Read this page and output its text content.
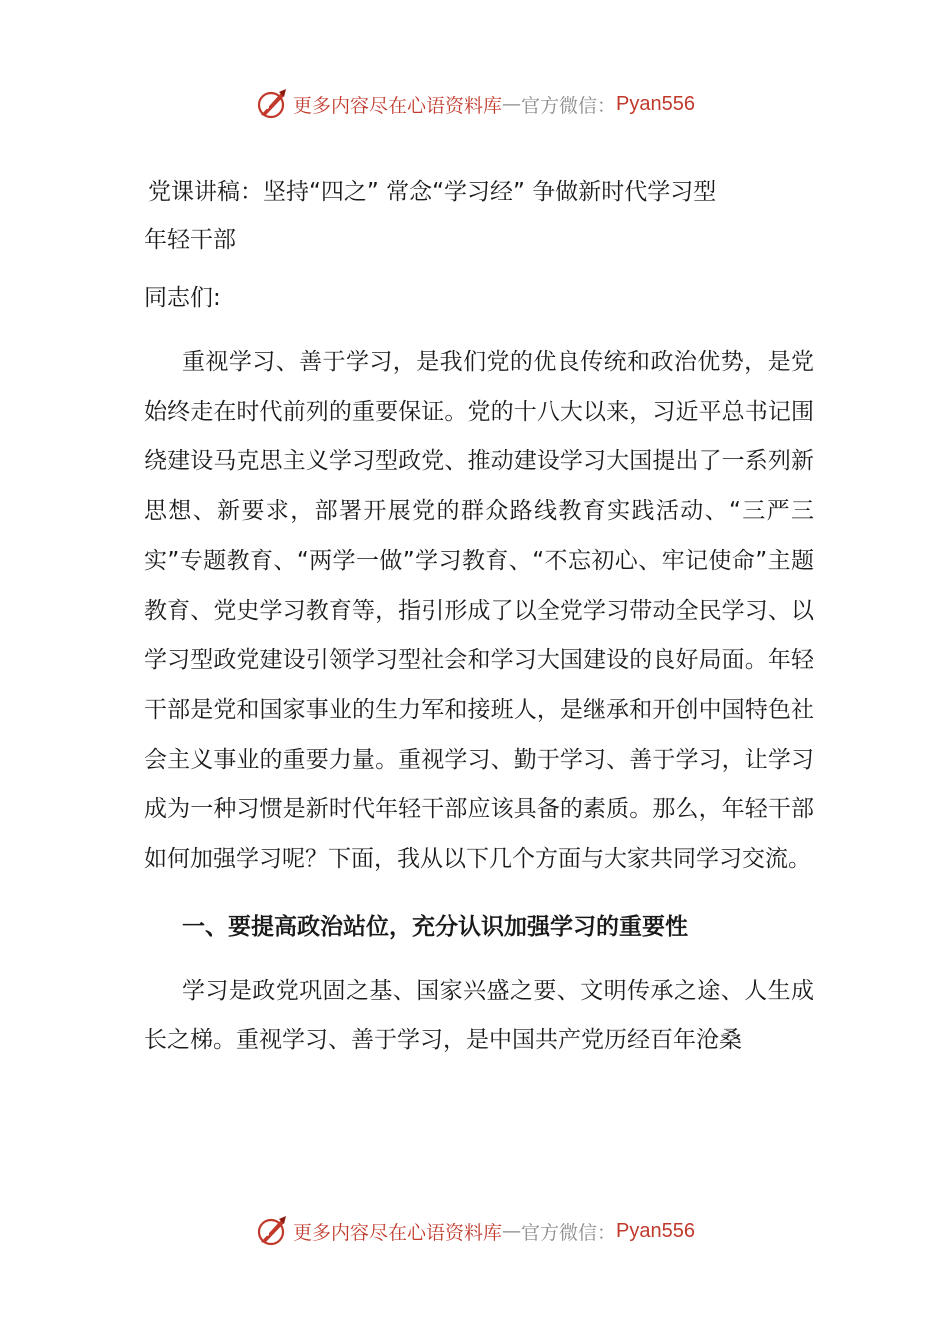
更多内容尽在心语资料库 — 官方微信： Pyan556
党课讲稿：坚持“四之” 常念“学习经” 争做新时代学习型
年轻干部

同志们:

重视学习、善于学习，是我们党的优良传统和政治优势，是党始终走在时代前列的重要保证。党的十八大以来，习近平总书记围绕建设马克思主义学习型政党、推动建设学习大国提出了一系列新思想、新要求，部署开展党的群众路线教育实践活动、“三严三实”专题教育、“两学一做”学习教育、“不忘初心、牢记使命”主题教育、党史学习教育等，指引形成了以全党学习带动全民学习、以学习型政党建设引领学习型社会和学习大国建设的良好局面。年轻干部是党和国家事业的生力军和接班人，是继承和开创中国特色社会主义事业的重要力量。重视学习、勤于学习、善于学习，让学习成为一种习惯是新时代年轻干部应该具备的素质。那么，年轻干部如何加强学习呢？下面，我从以下几个方面与大家共同学习交流。

一、要提高政治站位，充分认识加强学习的重要性

学习是政党巩固之基、国家兴盛之要、文明传承之途、人生成长之梯。重视学习、善于学习，是中国共产党历经百年沧桑

更多内容尽在心语资料库 — 官方微信： Pyan556
